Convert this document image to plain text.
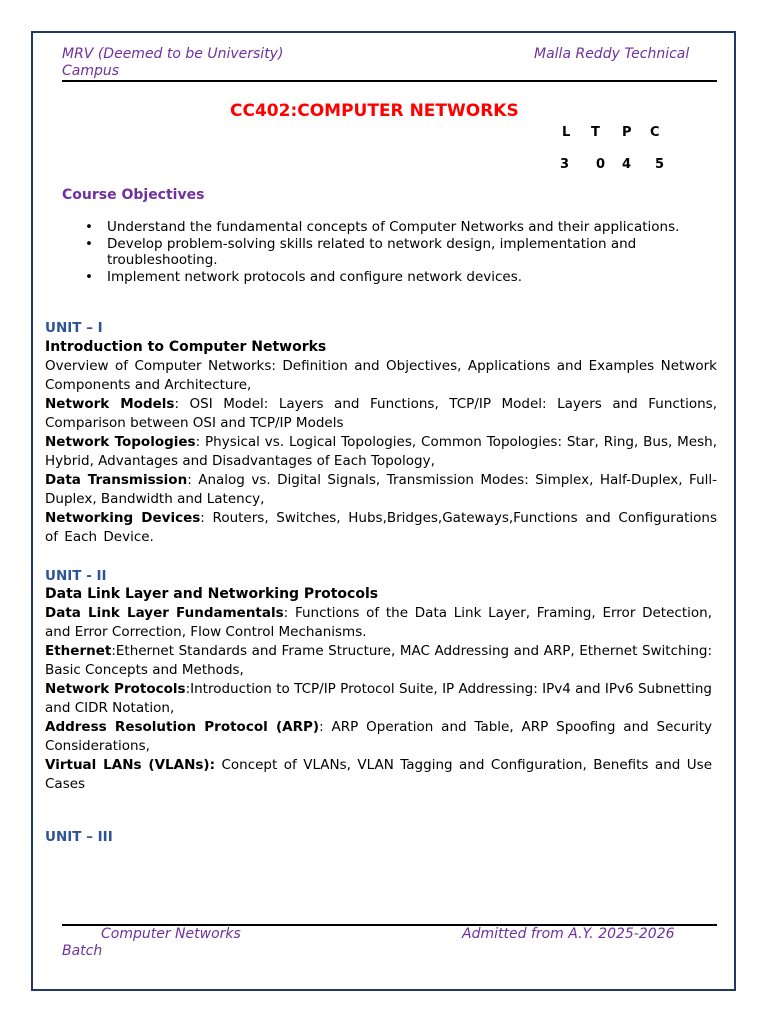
MRV (Deemed to be University)	Malla Reddy Technical
Campus
CC402:COMPUTER NETWORKS
L T P C
3 0 4 5
Course Objectives
• Understand the fundamental concepts of Computer Networks and their applications.
• Develop problem-solving skills related to network design, implementation and troubleshooting.
• Implement network protocols and configure network devices.
UNIT – I
Introduction to Computer Networks
Overview of Computer Networks: Definition and Objectives, Applications and Examples Network Components and Architecture,
Network Models: OSI Model: Layers and Functions, TCP/IP Model: Layers and Functions, Comparison between OSI and TCP/IP Models
Network Topologies: Physical vs. Logical Topologies, Common Topologies: Star, Ring, Bus, Mesh, Hybrid, Advantages and Disadvantages of Each Topology,
Data Transmission: Analog vs. Digital Signals, Transmission Modes: Simplex, Half-Duplex, Full-Duplex, Bandwidth and Latency,
Networking Devices: Routers, Switches, Hubs,Bridges,Gateways,Functions and Configurations of Each Device.
UNIT - II
Data Link Layer and Networking Protocols
Data Link Layer Fundamentals: Functions of the Data Link Layer, Framing, Error Detection, and Error Correction, Flow Control Mechanisms.
Ethernet:Ethernet Standards and Frame Structure, MAC Addressing and ARP, Ethernet Switching: Basic Concepts and Methods,
Network Protocols:Introduction to TCP/IP Protocol Suite, IP Addressing: IPv4 and IPv6 Subnetting and CIDR Notation,
Address Resolution Protocol (ARP): ARP Operation and Table, ARP Spoofing and Security Considerations,
Virtual LANs (VLANs): Concept of VLANs, VLAN Tagging and Configuration, Benefits and Use Cases
UNIT – III
Computer Networks	Admitted from A.Y. 2025-2026
Batch
